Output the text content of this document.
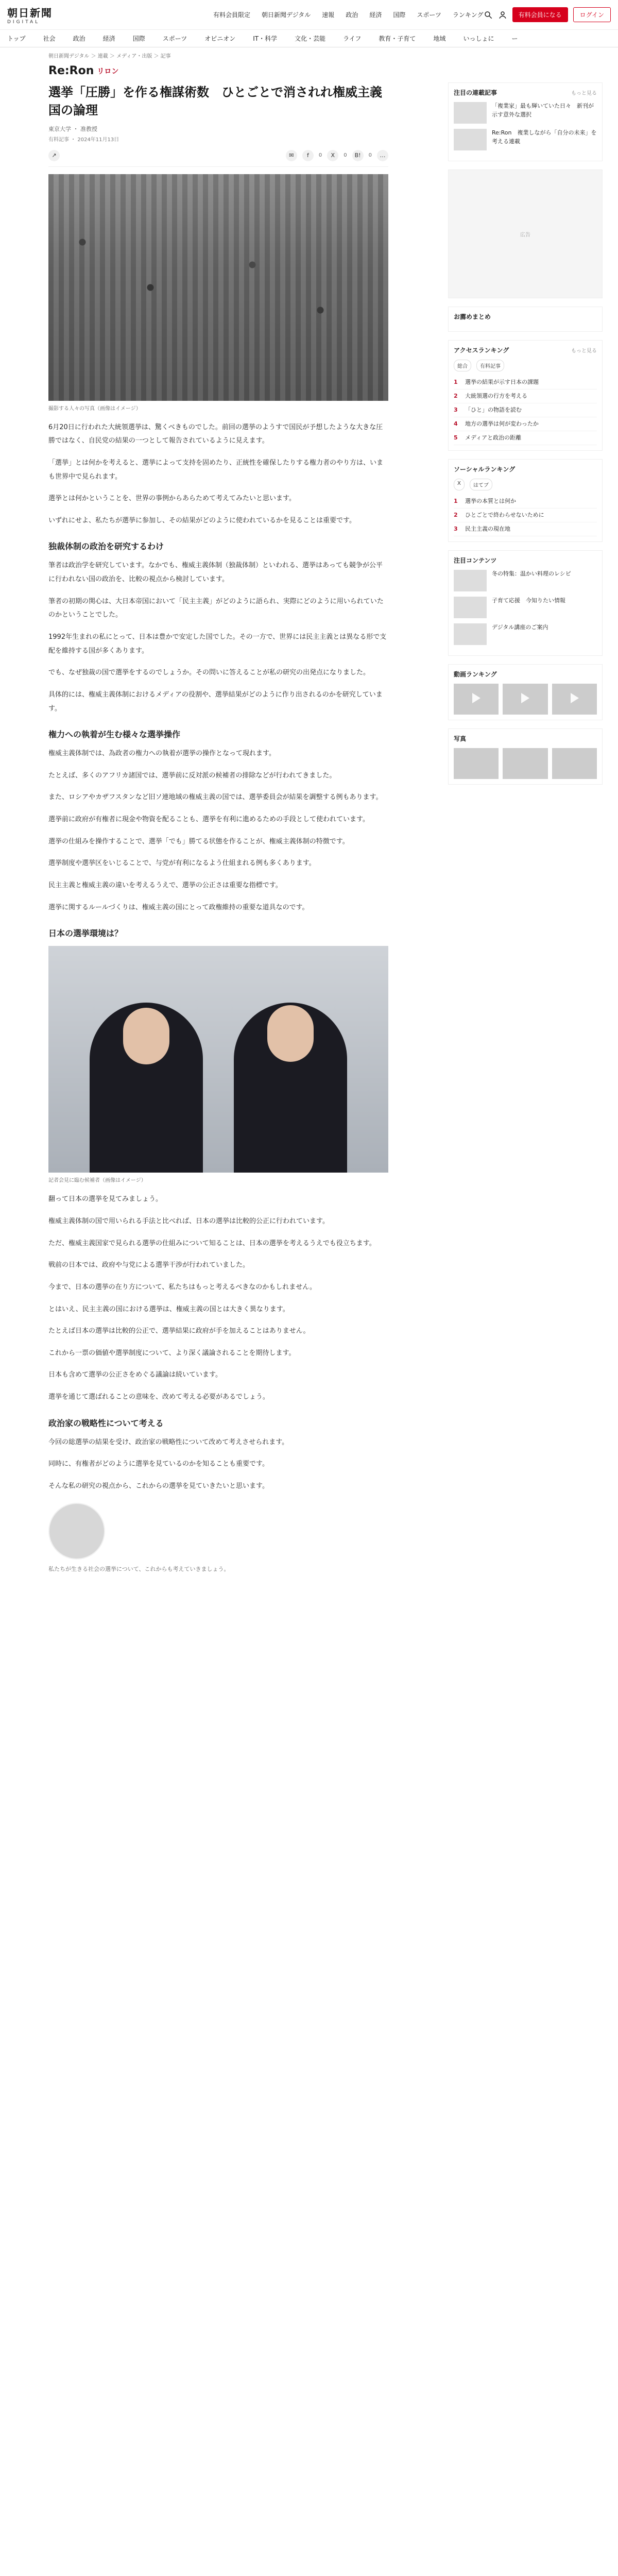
朝日新聞
DIGITAL
有料会員限定 朝日新聞デジタル 速報 政治 経済 国際 スポーツ ランキング	有料会員になる	ログイン
トップ	社会	政治	経済	国際	スポーツ	オピニオン	IT・科学	文化・芸能	ライフ	教育・子育て	地域	いっしょに	ー
朝日新聞デジタル ＞ 連載 ＞ メディア・出版 ＞ 記事
Re:Ron リロン
選挙「圧勝」を作る権謀術数　ひとごとで消されれ権威主義国の論理
東京大学 ・ 准教授
有料記事 ・ 2024年11月13日
↗	✉	f	0	X	0	B!	0	…
撮影する人々の写真（画像はイメージ）

6月20日に行われた大統領選挙は、驚くべきものでした。前回の選挙のようすで国民が予想したような大きな圧勝ではなく、自民党の結果の一つとして報告されているように見えます。

「選挙」とは何かを考えると、選挙によって支持を固めたり、正統性を確保したりする権力者のやり方は、いまも世界中で見られます。

選挙とは何かということを、世界の事例からあらためて考えてみたいと思います。

いずれにせよ、私たちが選挙に参加し、その結果がどのように使われているかを見ることは重要です。

独裁体制の政治を研究するわけ

筆者は政治学を研究しています。なかでも、権威主義体制（独裁体制）といわれる、選挙はあっても競争が公平に行われない国の政治を、比較の視点から検討しています。

筆者の初期の関心は、大日本帝国において「民主主義」がどのように語られ、実際にどのように用いられていたのかということでした。

1992年生まれの私にとって、日本は豊かで安定した国でした。その一方で、世界には民主主義とは異なる形で支配を維持する国が多くあります。

でも、なぜ独裁の国で選挙をするのでしょうか。その問いに答えることが私の研究の出発点になりました。

具体的には、権威主義体制におけるメディアの役割や、選挙結果がどのように作り出されるのかを研究しています。

権力への執着が生む様々な選挙操作

権威主義体制では、為政者の権力への執着が選挙の操作となって現れます。

たとえば、多くのアフリカ諸国では、選挙前に反対派の候補者の排除などが行われてきました。

また、ロシアやカザフスタンなど旧ソ連地域の権威主義の国では、選挙委員会が結果を調整する例もあります。

選挙前に政府が有権者に現金や物資を配ることも、選挙を有利に進めるための手段として使われています。

選挙の仕組みを操作することで、選挙「でも」勝てる状態を作ることが、権威主義体制の特徴です。

選挙制度や選挙区をいじることで、与党が有利になるよう仕組まれる例も多くあります。

民主主義と権威主義の違いを考えるうえで、選挙の公正さは重要な指標です。

選挙に関するルールづくりは、権威主義の国にとって政権維持の重要な道具なのです。

日本の選挙環境は？
記者会見に臨む候補者（画像はイメージ）

翻って日本の選挙を見てみましょう。

権威主義体制の国で用いられる手法と比べれば、日本の選挙は比較的公正に行われています。

ただ、権威主義国家で見られる選挙の仕組みについて知ることは、日本の選挙を考えるうえでも役立ちます。

戦前の日本では、政府や与党による選挙干渉が行われていました。

今まで、日本の選挙の在り方について、私たちはもっと考えるべきなのかもしれません。

とはいえ、民主主義の国における選挙は、権威主義の国とは大きく異なります。

たとえば日本の選挙は比較的公正で、選挙結果に政府が手を加えることはありません。

これから一票の価値や選挙制度について、より深く議論されることを期待します。

日本も含めて選挙の公正さをめぐる議論は続いています。

選挙を通じて選ばれることの意味を、改めて考える必要があるでしょう。

政治家の戦略性について考える

今回の総選挙の結果を受け、政治家の戦略性について改めて考えさせられます。

同時に、有権者がどのように選挙を見ているのかを知ることも重要です。

そんな私の研究の視点から、これからの選挙を見ていきたいと思います。

私たちが生きる社会の選挙について、これからも考えていきましょう。
注目の連載記事	もっと見る
「複業家」最も輝いていた日々　新刊が示す意外な選択
Re:Ron　複業しながら「自分の未来」を考える連載
広告
お薦めまとめ
アクセスランキング	もっと見る
総合	有料記事
1	選挙の結果が示す日本の課題
2	大統領選の行方を考える
3	「ひと」の物語を読む
4	地方の選挙は何が変わったか
5	メディアと政治の距離
ソーシャルランキング
X	はてブ
1	選挙の本質とは何か
2	ひとごとで終わらせないために
3	民主主義の現在地
注目コンテンツ
冬の特集：温かい料理のレシピ
子育て応援　今知りたい情報
デジタル講座のご案内
動画ランキング
写真
